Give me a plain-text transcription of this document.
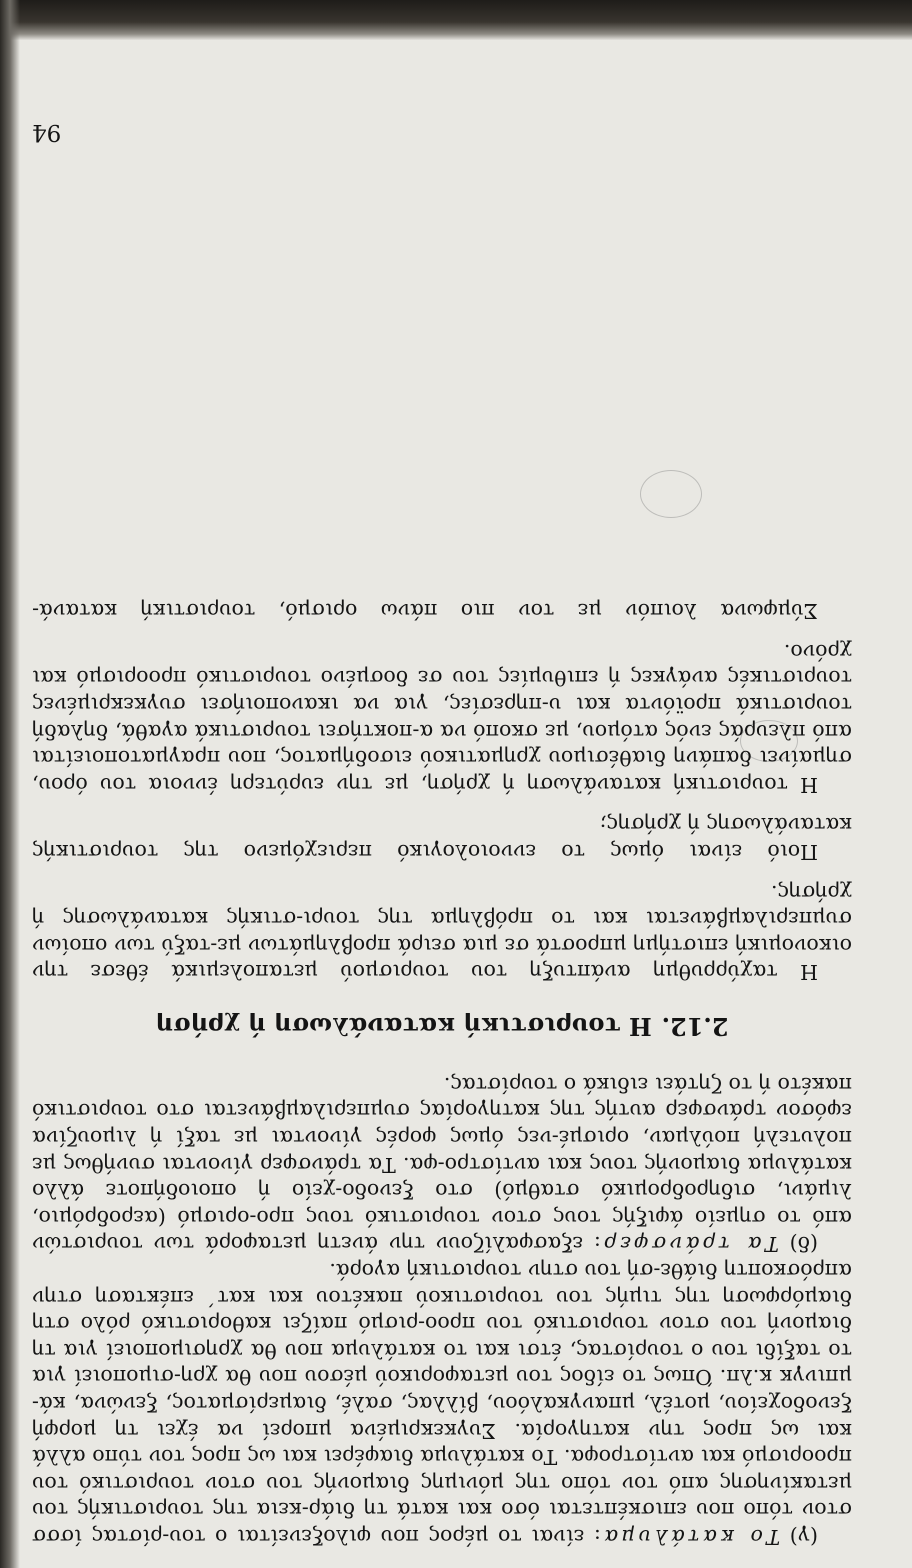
(γ) Το κατάλυμα: είναι το μέρος που φιλοξενείται ο του-ρίστας ίσσσ στον τόπο που επισκέπτεται όσο και κατά τη διάρ-κεια της τουριστικής του μετακίνησης από τον τόπο της μόνιμης διαμονής του στον τουριστικό του προορισμό και αντίστροφα. Το κατάλυμα διαφέρει και ως προς τον τύπο αλλά και ως προς την κατηγορία. Συγκεκριμένα μπορεί να έχει τη μορφή ξενοδοχείου, μοτέλ, μπανγκαλόου, βίλλας, σαλέ, διαμερίσματος, ξενώνα, κά-μπινγκ κ.λπ. Όπως το είδος του μεταφορικού μέσου που θα χρη-σιμοποιεί για το ταξίδι του ο τουρίστας, έτσι και το κατάλυμα που θα χρησιμοποιεί για τη διαμονή του στον τουριστικό του προο-ρισμό παίζει καθοριστικό ρόλο στη διαμόρφωση της τιμής του τουριστικού πακέτου και κατ΄ επέκταση στην απρόσκοπτη διάθε-σή του στην τουριστική αγορά.

(δ) Τα τράνσφερ: εξασφαλίζουν την άνετη μεταφορά των τουριστών από το σημείο άφιξής τους στον τουριστικό τους προ-ορισμό (αεροδρόμιο, λιμάνι, σιδηροδρομικό σταθμό) στο ξενοδο-χείο ή οποιοδήποτε άλλο κατάλυμα διαμονής τους και αντίστρο-φα. Τα τράνσφερ γίνονται συνήθως με πολυτελή πούλμαν, ορισμέ-νες όμως φορές γίνονται με ταξί ή λιμουζίνα εφόσον τράνσφερ αυτής της κατηγορίας συμπεριλαμβάνεται στο τουριστικό πακέτο ή το ζητάει ειδικά ο τουρίστας.

2.12.Η τουριστική κατανάλωση ή χρήση

Η ταχύρρυθμη ανάπτυξη του τουρισμού μεταπολεμικά έθεσε την οικονομική επιστήμη μπροστά σε μια σειρά προβλημάτων με-ταξύ των οποίων συμπεριλαμβάνεται και το πρόβλημα της τουρι-στικής κατανάλωσης ή χρήσης.

Ποιό είναι όμως το εννοιολογικό περιεχόμενο της τουριστικής κατανάλωσης ή χρήσης;

Η τουριστική κατανάλωση ή χρήση, με την ευρύτερη έννοια του όρου, σημαίνει δαπάνη διαθέσιμου χρηματικού εισοδήματος, που πραγματοποιείται από πλευράς ενός ατόμου, με σκοπό να α-ποκτήσει τουριστικά αγαθά, δηλαδή τουριστικά προϊόντα και υ-πηρεσίες, για να ικανοποιήσει συγκεκριμένες τουριστικές ανάγκες ή επιθυμίες του σε δοσμένο τουριστικό προορισμό και χρόνο.

Σύμφωνα λοιπόν με τον πιο πάνω ορισμό, τουριστική κατανά-

94
